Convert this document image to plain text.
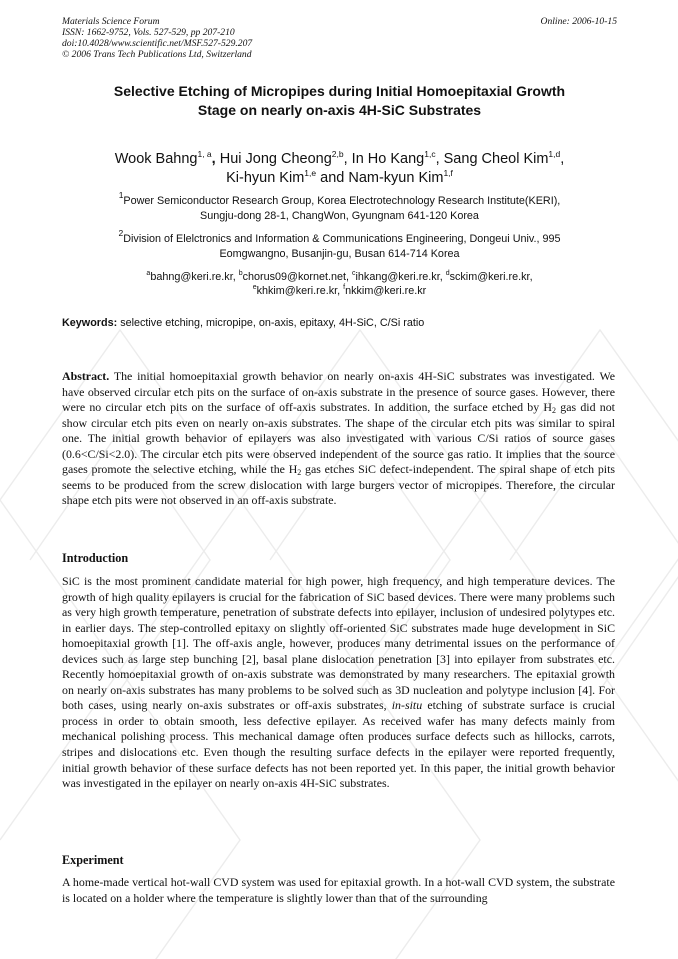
Materials Science Forum
ISSN: 1662-9752, Vols. 527-529, pp 207-210
doi:10.4028/www.scientific.net/MSF.527-529.207
© 2006 Trans Tech Publications Ltd, Switzerland
Online: 2006-10-15
Selective Etching of Micropipes during Initial Homoepitaxial Growth
Stage on nearly on-axis 4H-SiC Substrates
Wook Bahng$^{1, a}$, Hui Jong Cheong$^{2,b}$, In Ho Kang$^{1,c}$, Sang Cheol Kim$^{1,d}$,
Ki-hyun Kim$^{1,e}$ and Nam-kyun Kim$^{1,f}$
$^1$Power Semiconductor Research Group, Korea Electrotechnology Research Institute(KERI),
Sungju-dong 28-1, ChangWon, Gyungnam 641-120 Korea
$^2$Division of Elelctronics and Information & Communications Engineering, Dongeui Univ., 995
Eomgwangno, Busanjin-gu, Busan 614-714 Korea
$^a$bahng@keri.re.kr, $^b$chorus09@kornet.net, $^c$ihkang@keri.re.kr, $^d$sckim@keri.re.kr,
$^e$khkim@keri.re.kr, $^f$nkkim@keri.re.kr
Keywords: selective etching, micropipe, on-axis, epitaxy, 4H-SiC, C/Si ratio
Abstract. The initial homoepitaxial growth behavior on nearly on-axis 4H-SiC substrates was investigated. We have observed circular etch pits on the surface of on-axis substrate in the presence of source gases. However, there were no circular etch pits on the surface of off-axis substrates. In addition, the surface etched by $H_2$ gas did not show circular etch pits even on nearly on-axis substrates. The shape of the circular etch pits was similar to spiral one. The initial growth behavior of epilayers was also investigated with various C/Si ratios of source gases (0.6<C/Si<2.0). The circular etch pits were observed independent of the source gas ratio. It implies that the source gases promote the selective etching, while the $H_2$ gas etches SiC defect-independent. The spiral shape of etch pits seems to be produced from the screw dislocation with large burgers vector of micropipes. Therefore, the circular shape etch pits were not observed in an off-axis substrate.
Introduction
SiC is the most prominent candidate material for high power, high frequency, and high temperature devices. The growth of high quality epilayers is crucial for the fabrication of SiC based devices. There were many problems such as very high growth temperature, penetration of substrate defects into epilayer, inclusion of undesired polytypes etc. in earlier days. The step-controlled epitaxy on slightly off-oriented SiC substrates made huge development in SiC homoepitaxial growth [1]. The off-axis angle, however, produces many detrimental issues on the performance of devices such as large step bunching [2], basal plane dislocation penetration [3] into epilayer from substrates etc. Recently homoepitaxial growth of on-axis substrate was demonstrated by many researchers. The epitaxial growth on nearly on-axis substrates has many problems to be solved such as 3D nucleation and polytype inclusion [4]. For both cases, using nearly on-axis substrates or off-axis substrates, in-situ etching of substrate surface is crucial process in order to obtain smooth, less defective epilayer. As received wafer has many defects mainly from mechanical polishing process. This mechanical damage often produces surface defects such as hillocks, carrots, stripes and dislocations etc. Even though the resulting surface defects in the epilayer were reported frequently, initial growth behavior of these surface defects has not been reported yet. In this paper, the initial growth behavior was investigated in the epilayer on nearly on-axis 4H-SiC substrates.
Experiment
A home-made vertical hot-wall CVD system was used for epitaxial growth. In a hot-wall CVD system, the substrate is located on a holder where the temperature is slightly lower than that of the surrounding
